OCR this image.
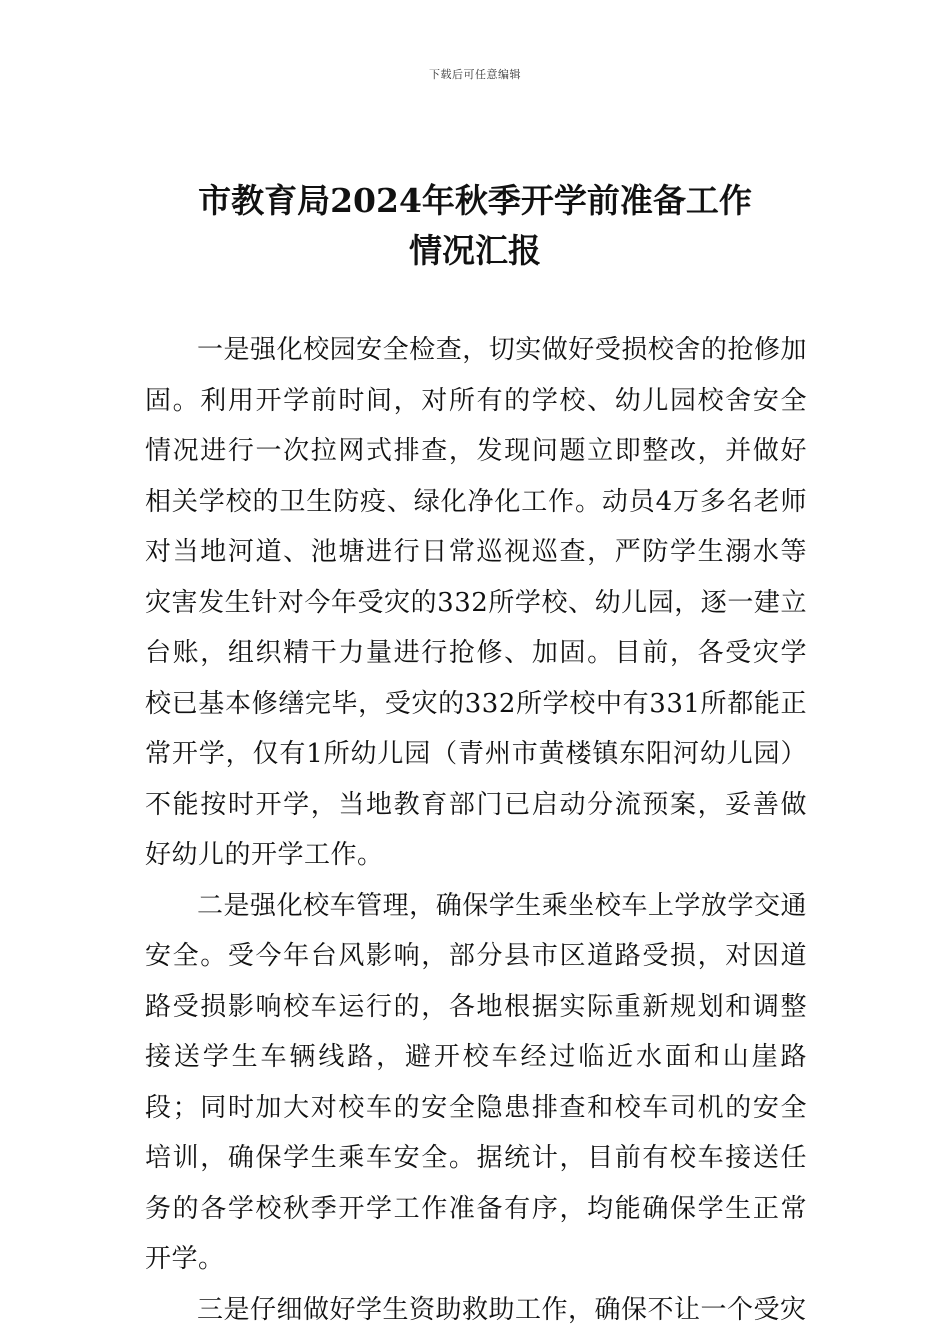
下载后可任意编辑
市教育局2024年秋季开学前准备工作
情况汇报

一是强化校园安全检查，切实做好受损校舍的抢修加固。利用开学前时间，对所有的学校、幼儿园校舍安全情况进行一次拉网式排查，发现问题立即整改，并做好相关学校的卫生防疫、绿化净化工作。动员4万多名老师对当地河道、池塘进行日常巡视巡查，严防学生溺水等灾害发生针对今年受灾的332所学校、幼儿园，逐一建立台账，组织精干力量进行抢修、加固。目前，各受灾学校已基本修缮完毕，受灾的332所学校中有331所都能正常开学，仅有1所幼儿园（青州市黄楼镇东阳河幼儿园）不能按时开学，当地教育部门已启动分流预案，妥善做好幼儿的开学工作。

二是强化校车管理，确保学生乘坐校车上学放学交通安全。受今年台风影响，部分县市区道路受损，对因道路受损影响校车运行的，各地根据实际重新规划和调整接送学生车辆线路，避开校车经过临近水面和山崖路段；同时加大对校车的安全隐患排查和校车司机的安全培训，确保学生乘车安全。据统计，目前有校车接送任务的各学校秋季开学工作准备有序，均能确保学生正常开学。

三是仔细做好学生资助救助工作，确保不让一个受灾
